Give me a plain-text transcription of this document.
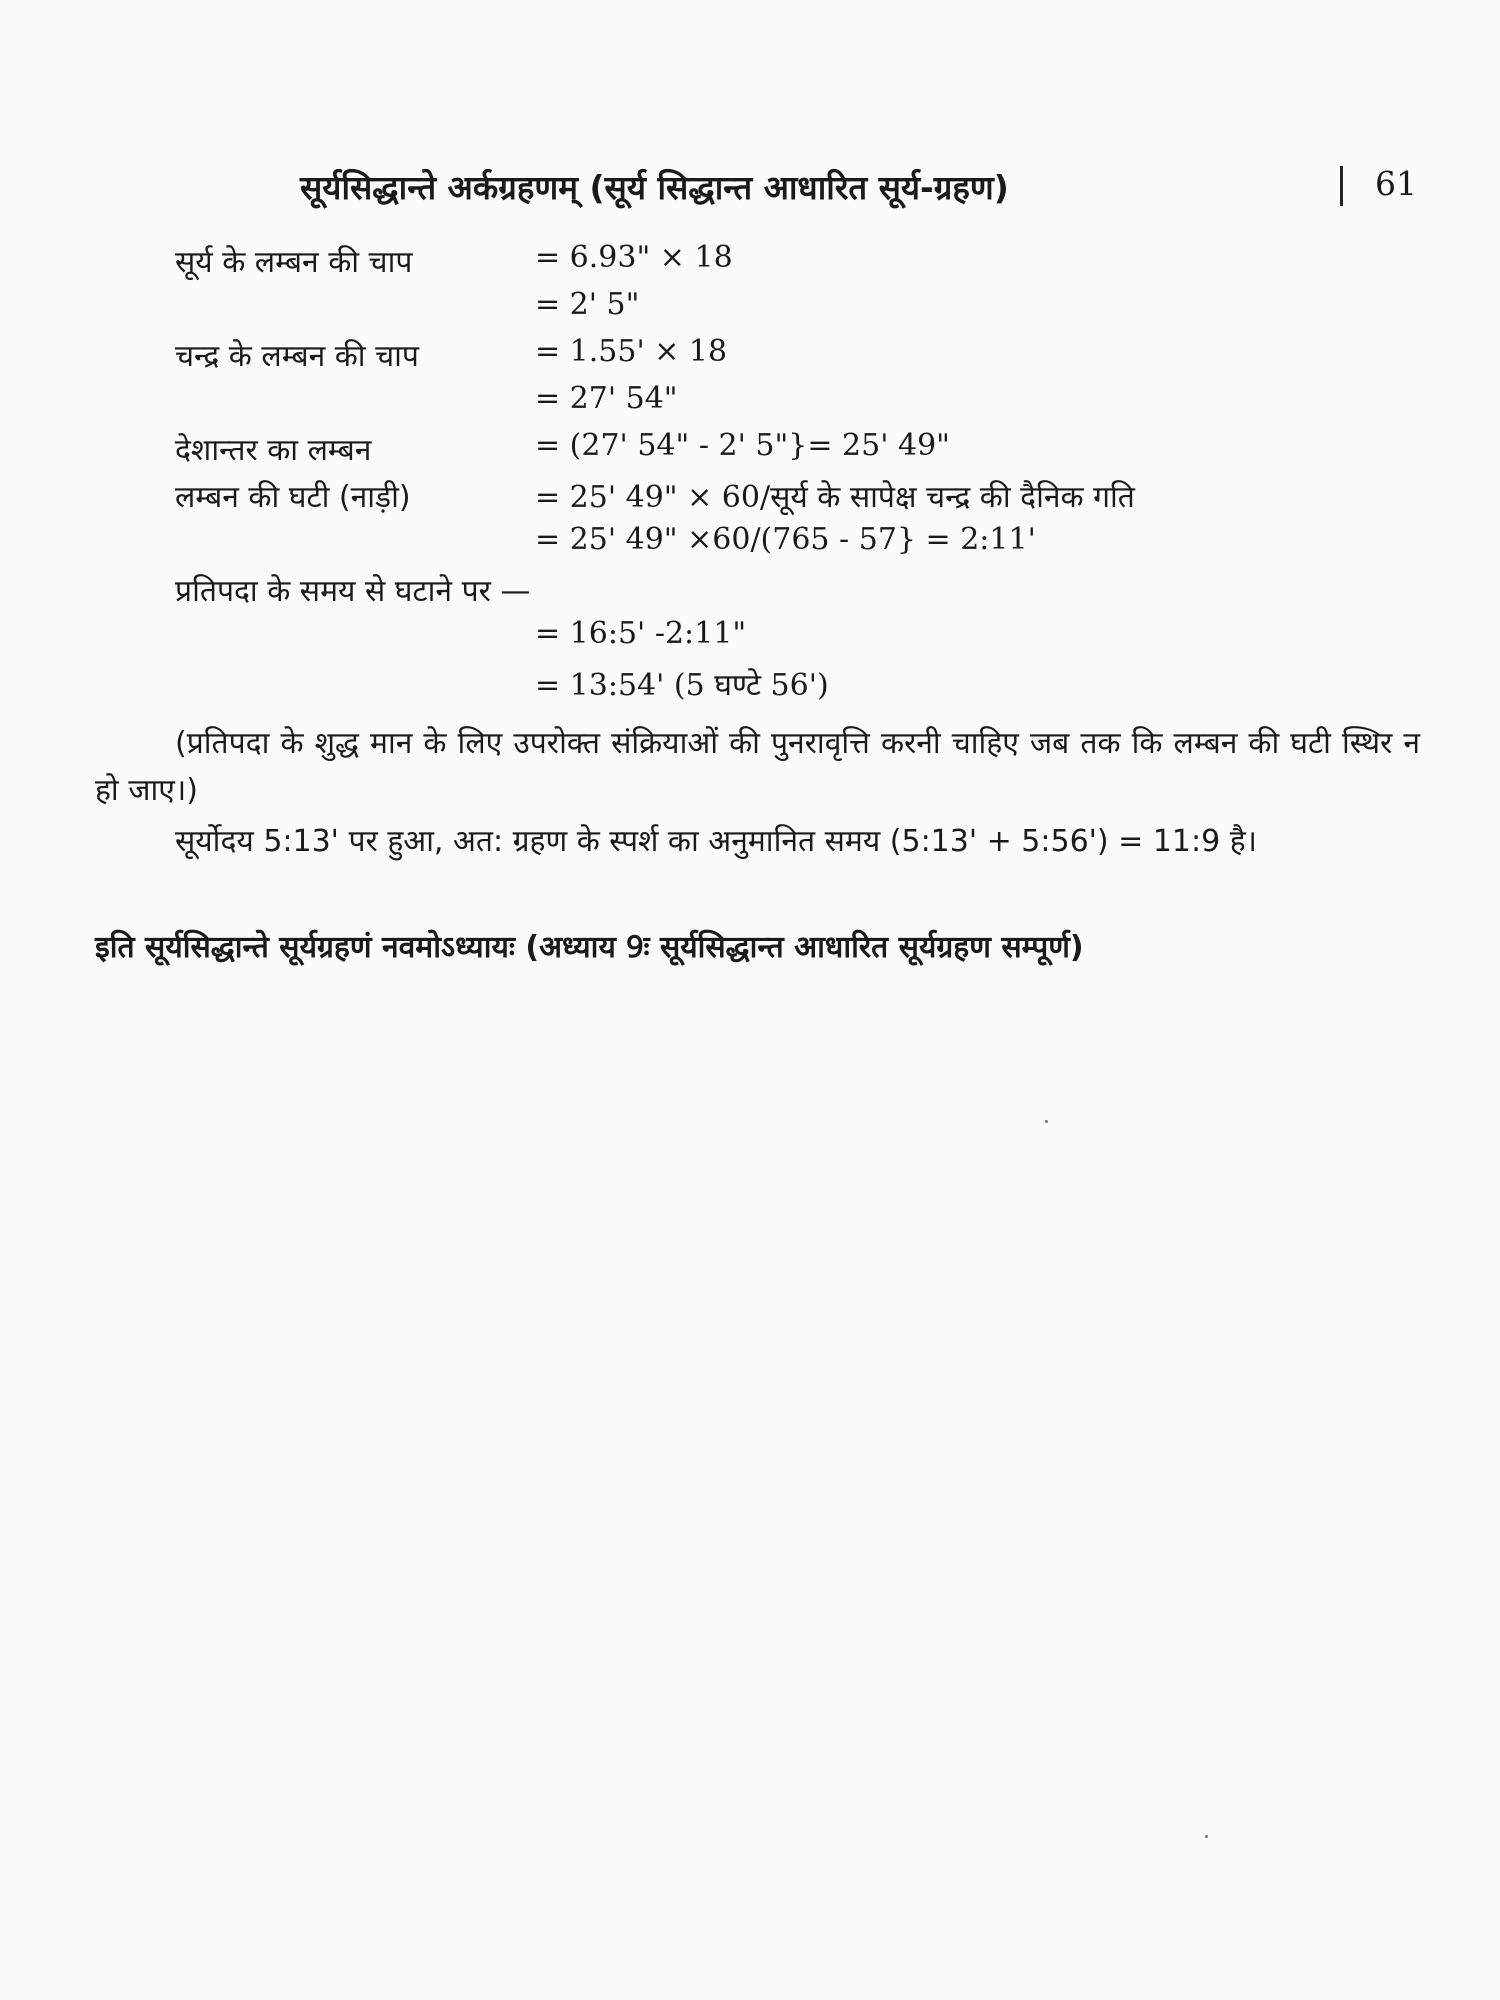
सूर्यसिद्धान्ते अर्कग्रहणम् (सूर्य सिद्धान्त आधारित सूर्य-ग्रहण)	61
सूर्य के लम्बन की चाप	= 6.93" × 18
= 2' 5"
चन्द्र के लम्बन की चाप	= 1.55' × 18
= 27' 54"
देशान्तर का लम्बन	= (27' 54" - 2' 5"}= 25' 49"
लम्बन की घटी (नाड़ी)	= 25' 49" × 60/सूर्य के सापेक्ष चन्द्र की दैनिक गति
= 25' 49" ×60/(765 - 57} = 2:11'
प्रतिपदा के समय से घटाने पर —
= 16:5' -2:11"
= 13:54' (5 घण्टे 56')

(प्रतिपदा के शुद्ध मान के लिए उपरोक्त संक्रियाओं की पुनरावृत्ति करनी चाहिए जब तक कि लम्बन की घटी स्थिर न हो जाए।)

सूर्योदय 5:13' पर हुआ, अत: ग्रहण के स्पर्श का अनुमानित समय (5:13' + 5:56') = 11:9 है।

इति सूर्यसिद्धान्ते सूर्यग्रहणं नवमोऽध्यायः (अध्याय 9ः सूर्यसिद्धान्त आधारित सूर्यग्रहण सम्पूर्ण)
